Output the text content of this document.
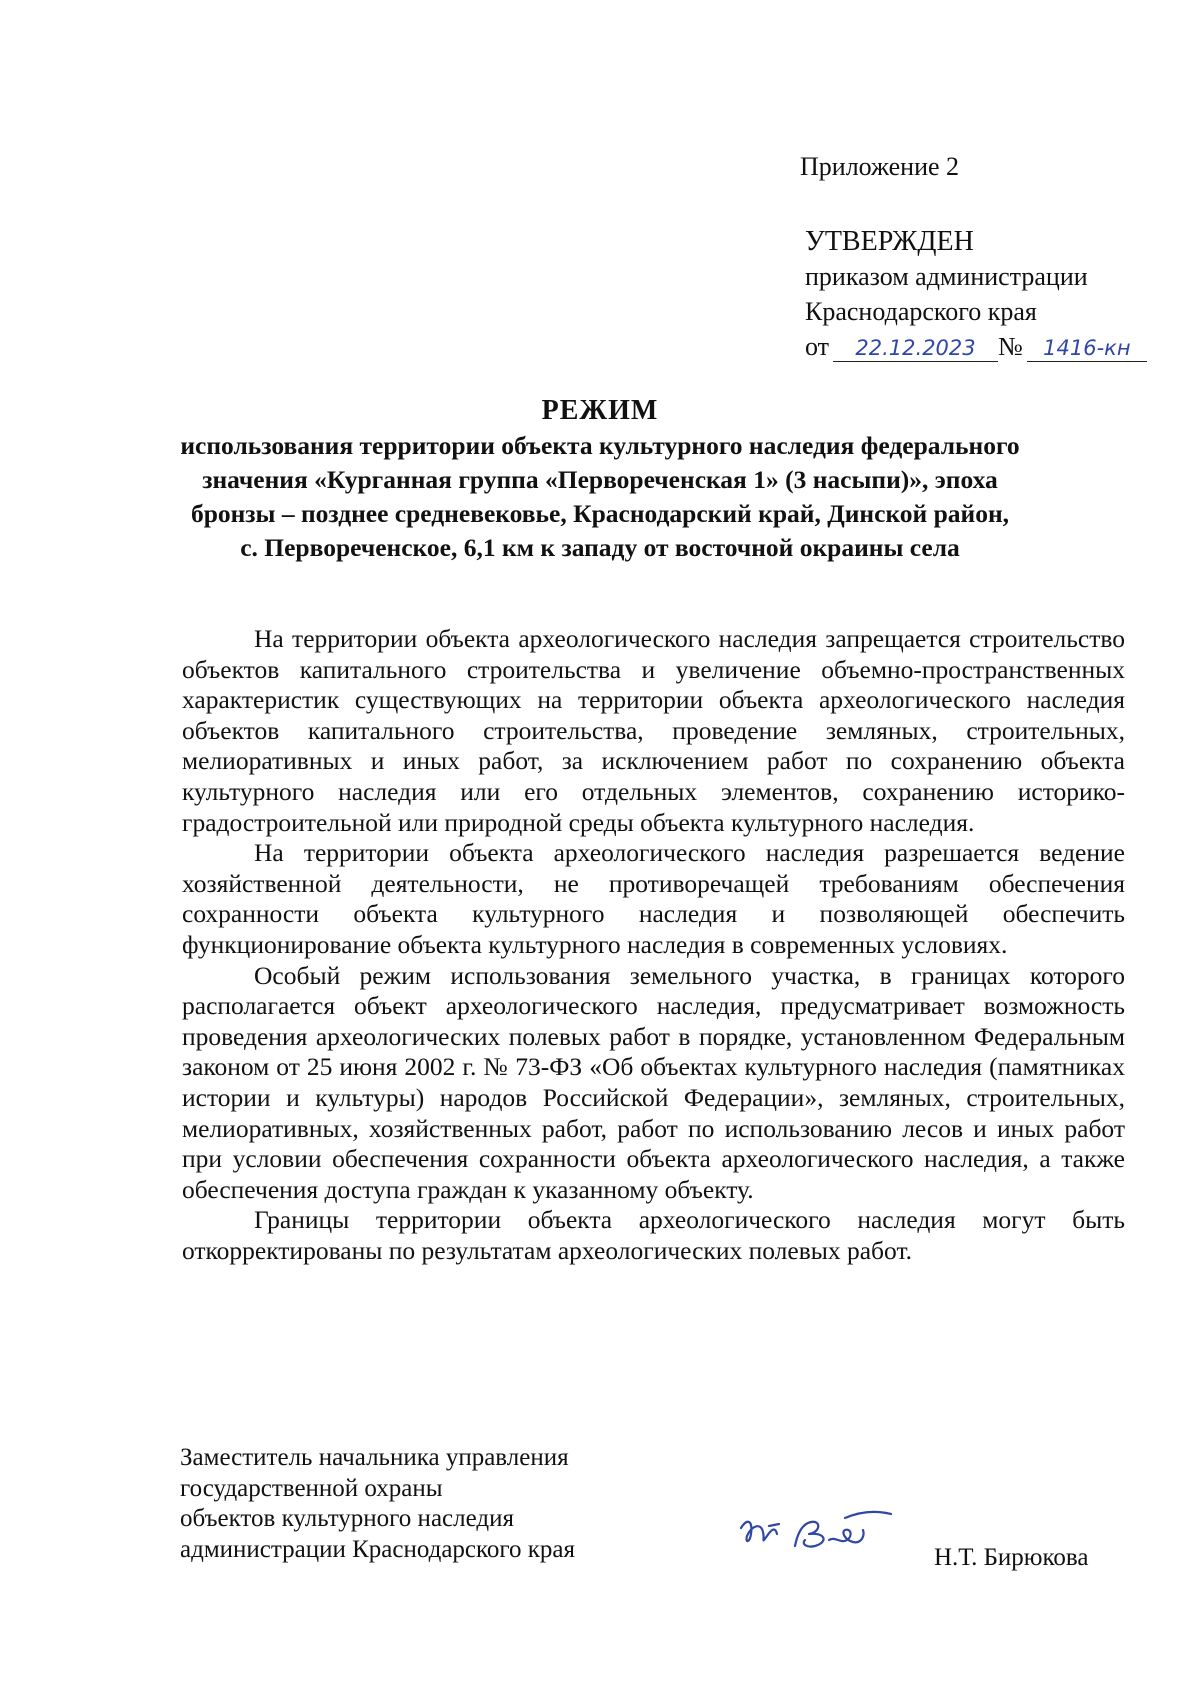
Приложение 2
УТВЕРЖДЕН
приказом администрации
Краснодарского края
от	22.12.2023 № 1416-кн
РЕЖИМ
использования территории объекта культурного наследия федерального
значения «Курганная группа «Первореченская 1» (3 насыпи)», эпоха
бронзы – позднее средневековье, Краснодарский край, Динской район,
с. Первореченское, 6,1 км к западу от восточной окраины села

На территории объекта археологического наследия запрещается строительство объектов капитального строительства и увеличение объемно-пространственных характеристик существующих на территории объекта археологического наследия объектов капитального строительства, проведение земляных, строительных, мелиоративных и иных работ, за исключением работ по сохранению объекта культурного наследия или его отдельных элементов, сохранению историко-градостроительной или природной среды объекта культурного наследия.

На территории объекта археологического наследия разрешается ведение хозяйственной деятельности, не противоречащей требованиям обеспечения сохранности объекта культурного наследия и позволяющей обеспечить функционирование объекта культурного наследия в современных условиях.

Особый режим использования земельного участка, в границах которого располагается объект археологического наследия, предусматривает возможность проведения археологических полевых работ в порядке, установленном Федеральным законом от 25 июня 2002 г. № 73-ФЗ «Об объектах культурного наследия (памятниках истории и культуры) народов Российской Федерации», земляных, строительных, мелиоративных, хозяйственных работ, работ по использованию лесов и иных работ при условии обеспечения сохранности объекта археологического наследия, а также обеспечения доступа граждан к указанному объекту.

Границы территории объекта археологического наследия могут быть откорректированы по результатам археологических полевых работ.

Заместитель начальника управления
государственной охраны
объектов культурного наследия
администрации Краснодарского края	Н.Т. Бирюкова
